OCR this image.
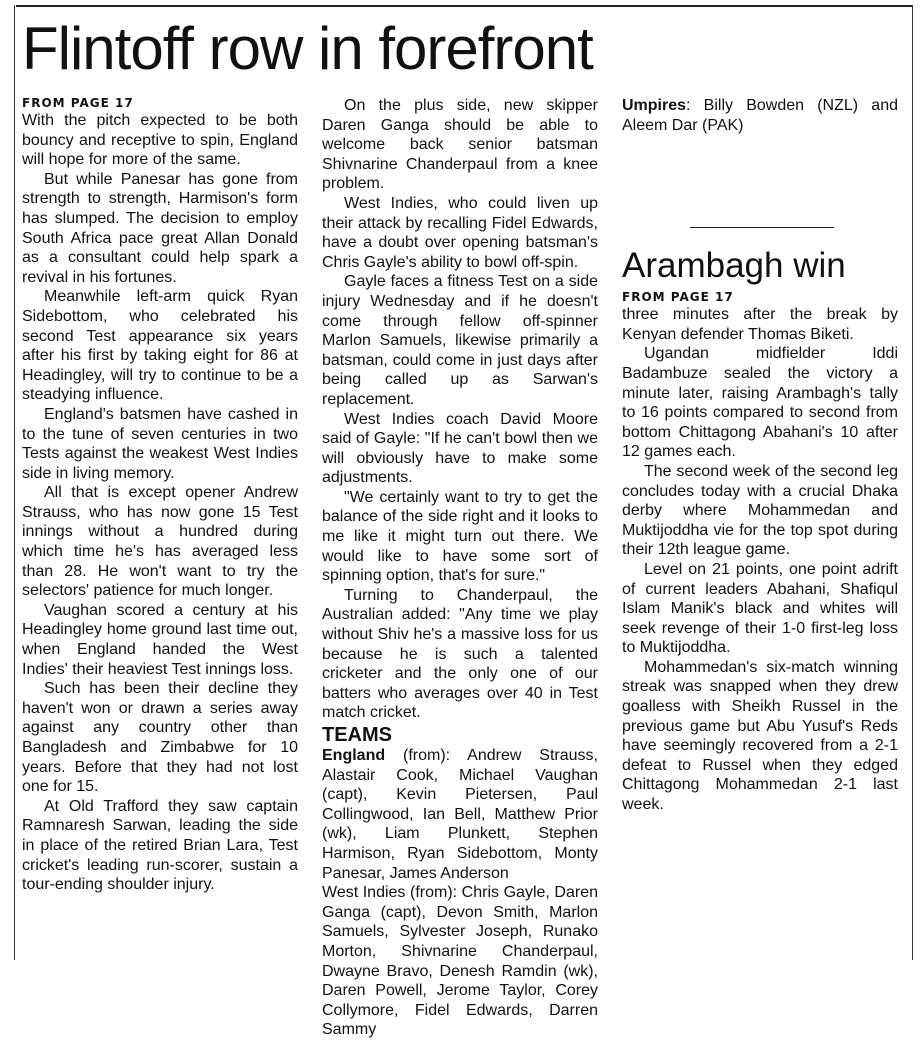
Flintoff row in forefront
FROM PAGE 17

With the pitch expected to be both bouncy and receptive to spin, England will hope for more of the same.

But while Panesar has gone from strength to strength, Harmison's form has slumped. The decision to employ South Africa pace great Allan Donald as a consultant could help spark a revival in his fortunes.

Meanwhile left-arm quick Ryan Sidebottom, who celebrated his second Test appearance six years after his first by taking eight for 86 at Headingley, will try to continue to be a steadying influence.

England's batsmen have cashed in to the tune of seven centuries in two Tests against the weakest West Indies side in living memory.

All that is except opener Andrew Strauss, who has now gone 15 Test innings without a hundred during which time he's has averaged less than 28. He won't want to try the selectors' patience for much longer.

Vaughan scored a century at his Headingley home ground last time out, when England handed the West Indies' their heaviest Test innings loss.

Such has been their decline they haven't won or drawn a series away against any country other than Bangladesh and Zimbabwe for 10 years. Before that they had not lost one for 15.

At Old Trafford they saw captain Ramnaresh Sarwan, leading the side in place of the retired Brian Lara, Test cricket's leading run-scorer, sustain a tour-ending shoulder injury.

On the plus side, new skipper Daren Ganga should be able to welcome back senior batsman Shivnarine Chanderpaul from a knee problem.

West Indies, who could liven up their attack by recalling Fidel Edwards, have a doubt over opening batsman's Chris Gayle's ability to bowl off-spin.

Gayle faces a fitness Test on a side injury Wednesday and if he doesn't come through fellow off-spinner Marlon Samuels, likewise primarily a batsman, could come in just days after being called up as Sarwan's replacement.

West Indies coach David Moore said of Gayle: "If he can't bowl then we will obviously have to make some adjustments.

"We certainly want to try to get the balance of the side right and it looks to me like it might turn out there. We would like to have some sort of spinning option, that's for sure."

Turning to Chanderpaul, the Australian added: "Any time we play without Shiv he's a massive loss for us because he is such a talented cricketer and the only one of our batters who averages over 40 in Test match cricket.

TEAMS

England (from): Andrew Strauss, Alastair Cook, Michael Vaughan (capt), Kevin Pietersen, Paul Collingwood, Ian Bell, Matthew Prior (wk), Liam Plunkett, Stephen Harmison, Ryan Sidebottom, Monty Panesar, James Anderson

West Indies (from): Chris Gayle, Daren Ganga (capt), Devon Smith, Marlon Samuels, Sylvester Joseph, Runako Morton, Shivnarine Chanderpaul, Dwayne Bravo, Denesh Ramdin (wk), Daren Powell, Jerome Taylor, Corey Collymore, Fidel Edwards, Darren Sammy

Umpires: Billy Bowden (NZL) and Aleem Dar (PAK)

Arambagh win
FROM PAGE 17

three minutes after the break by Kenyan defender Thomas Biketi.

Ugandan midfielder Iddi Badambuze sealed the victory a minute later, raising Arambagh's tally to 16 points compared to second from bottom Chittagong Abahani's 10 after 12 games each.

The second week of the second leg concludes today with a crucial Dhaka derby where Mohammedan and Muktijoddha vie for the top spot during their 12th league game.

Level on 21 points, one point adrift of current leaders Abahani, Shafiqul Islam Manik's black and whites will seek revenge of their 1-0 first-leg loss to Muktijoddha.

Mohammedan's six-match winning streak was snapped when they drew goalless with Sheikh Russel in the previous game but Abu Yusuf's Reds have seemingly recovered from a 2-1 defeat to Russel when they edged Chittagong Mohammedan 2-1 last week.
